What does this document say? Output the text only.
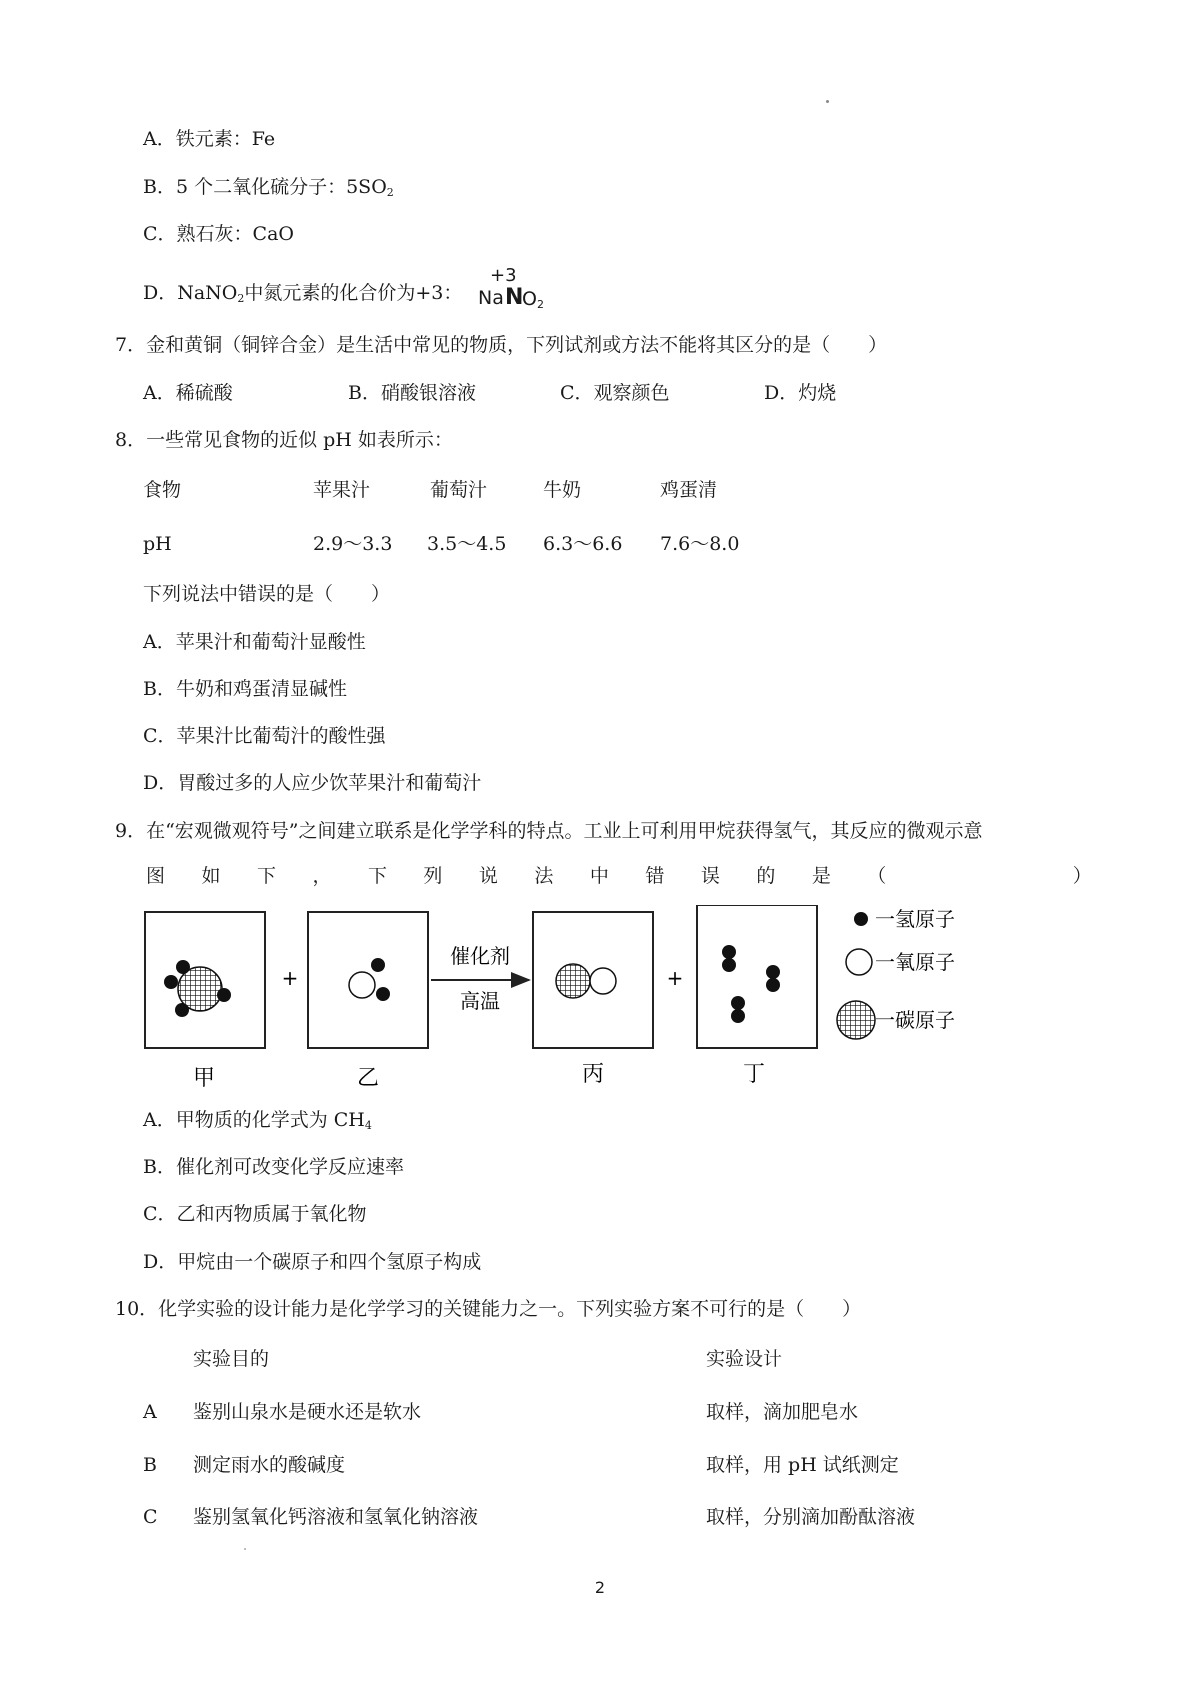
A．铁元素：Fe
B．5 个二氧化硫分子：$5SO_2$
C．熟石灰：CaO
D．NaNO$_2$中氮元素的化合价为+3：
+3
Na N
$O_2$
7．金和黄铜（铜锌合金）是生活中常见的物质，下列试剂或方法不能将其区分的是（　　）
A．稀硫酸	B．硝酸银溶液	C．观察颜色	D．灼烧
8．一些常见食物的近似 pH 如表所示：
食物	苹果汁	葡萄汁	牛奶	鸡蛋清
pH	2.9～3.3 3.5～4.5 6.3～6.6 7.6～8.0
下列说法中错误的是（　　）
A．苹果汁和葡萄汁显酸性
B．牛奶和鸡蛋清显碱性
C．苹果汁比葡萄汁的酸性强
D．胃酸过多的人应少饮苹果汁和葡萄汁
9．在“宏观微观符号”之间建立联系是化学学科的特点。工业上可利用甲烷获得氢气，其反应的微观示意
图 如 下 ， 下 列 说 法 中 错 误 的 是 （	）
+
催化剂
高温
+
甲	乙	丙	丁
一氢原子
一氧原子
一碳原子
A．甲物质的化学式为 $CH_4$
B．催化剂可改变化学反应速率
C．乙和丙物质属于氧化物
D．甲烷由一个碳原子和四个氢原子构成
10．化学实验的设计能力是化学学习的关键能力之一。下列实验方案不可行的是（　　）
实验目的	实验设计
A 鉴别山泉水是硬水还是软水	取样，滴加肥皂水
B 测定雨水的酸碱度	取样，用 pH 试纸测定
C 鉴别氢氧化钙溶液和氢氧化钠溶液	取样，分别滴加酚酞溶液
2
